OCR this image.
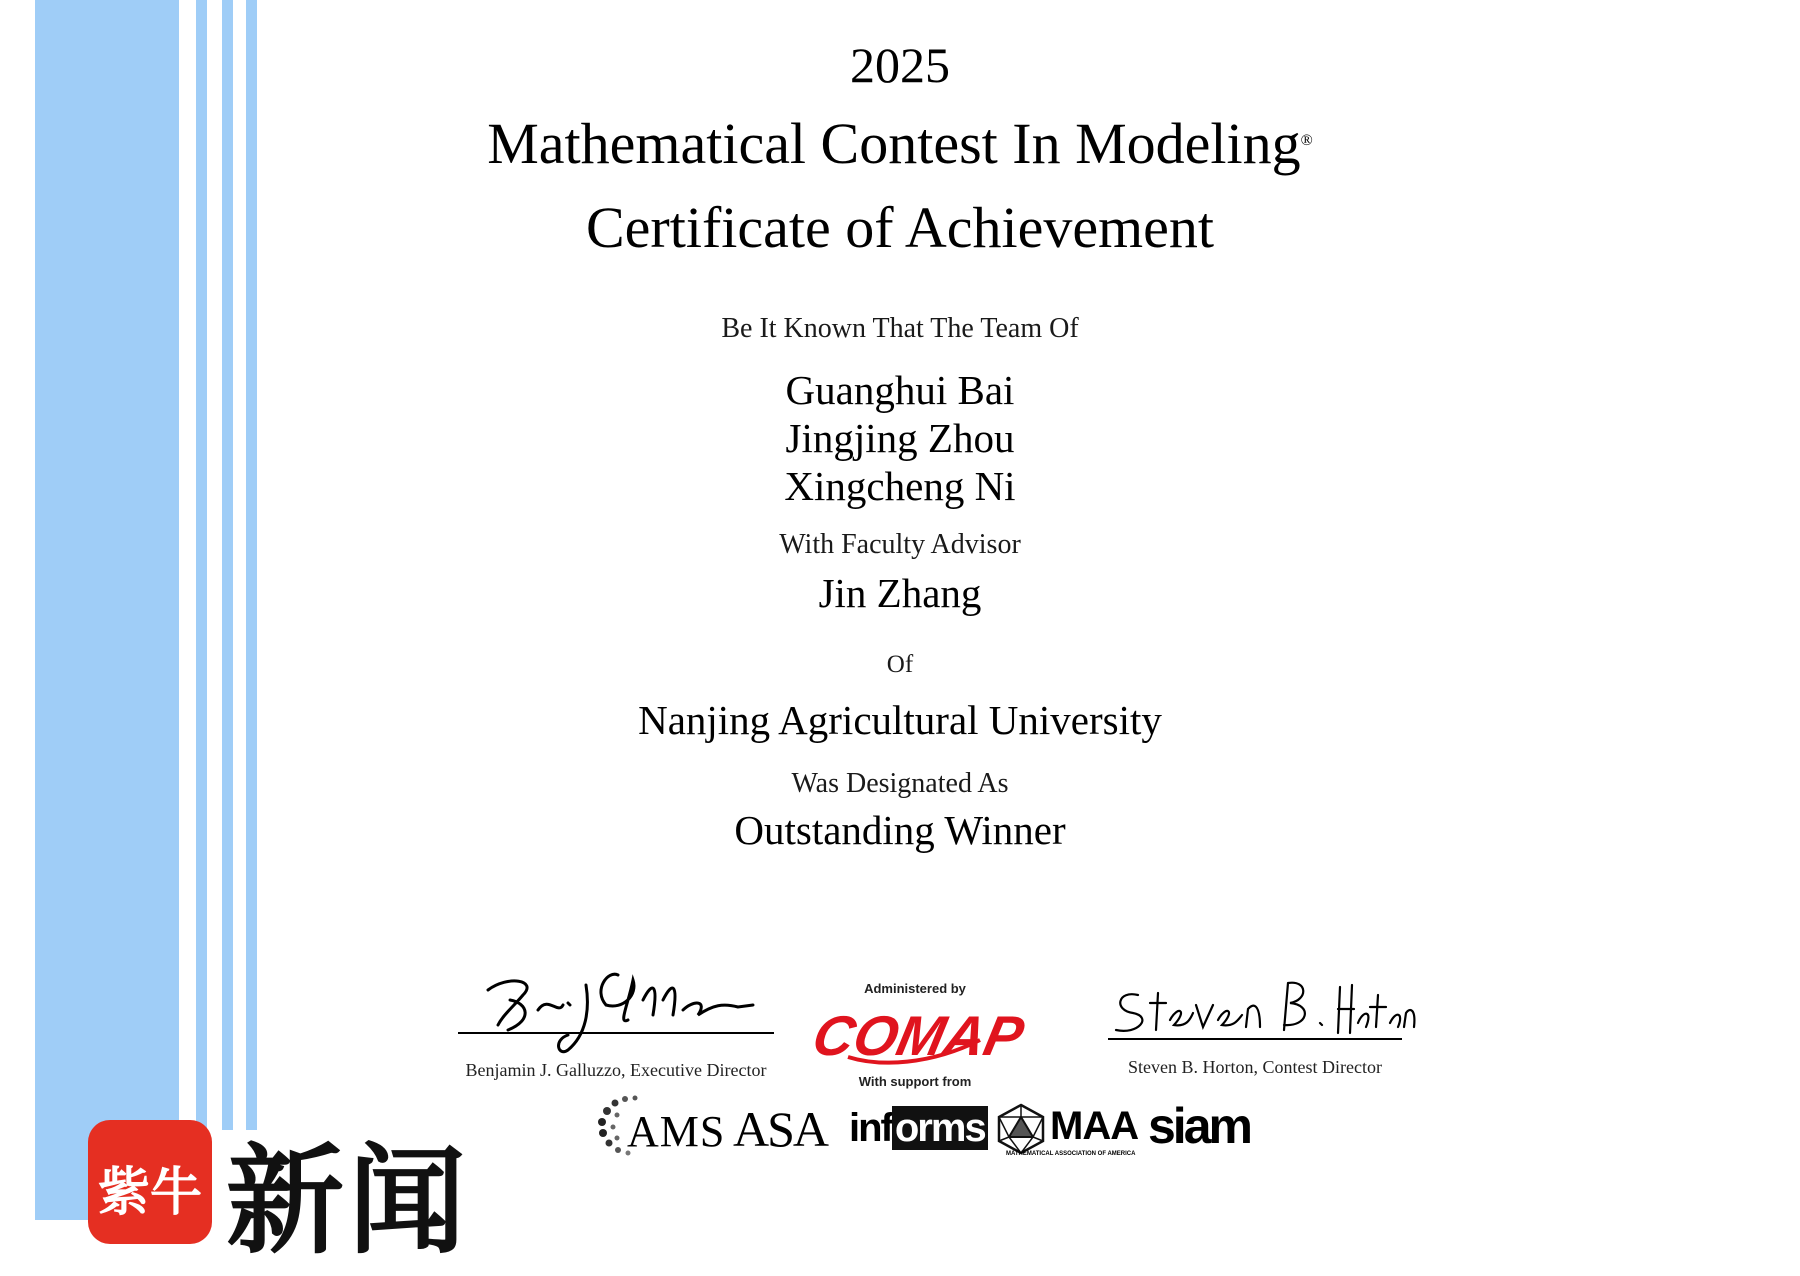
2025
Mathematical Contest In Modeling®
Certificate of Achievement
Be It Known That The Team Of
Guanghui Bai
Jingjing Zhou
Xingcheng Ni
With Faculty Advisor
Jin Zhang
Of
Nanjing Agricultural University
Was Designated As
Outstanding Winner
Benjamin J. Galluzzo, Executive Director
Administered by
COMAP
With support from
Steven B. Horton, Contest Director
AMS ASA informs MAA
MATHEMATICAL ASSOCIATION OF AMERICA siam
紫牛 新闻
